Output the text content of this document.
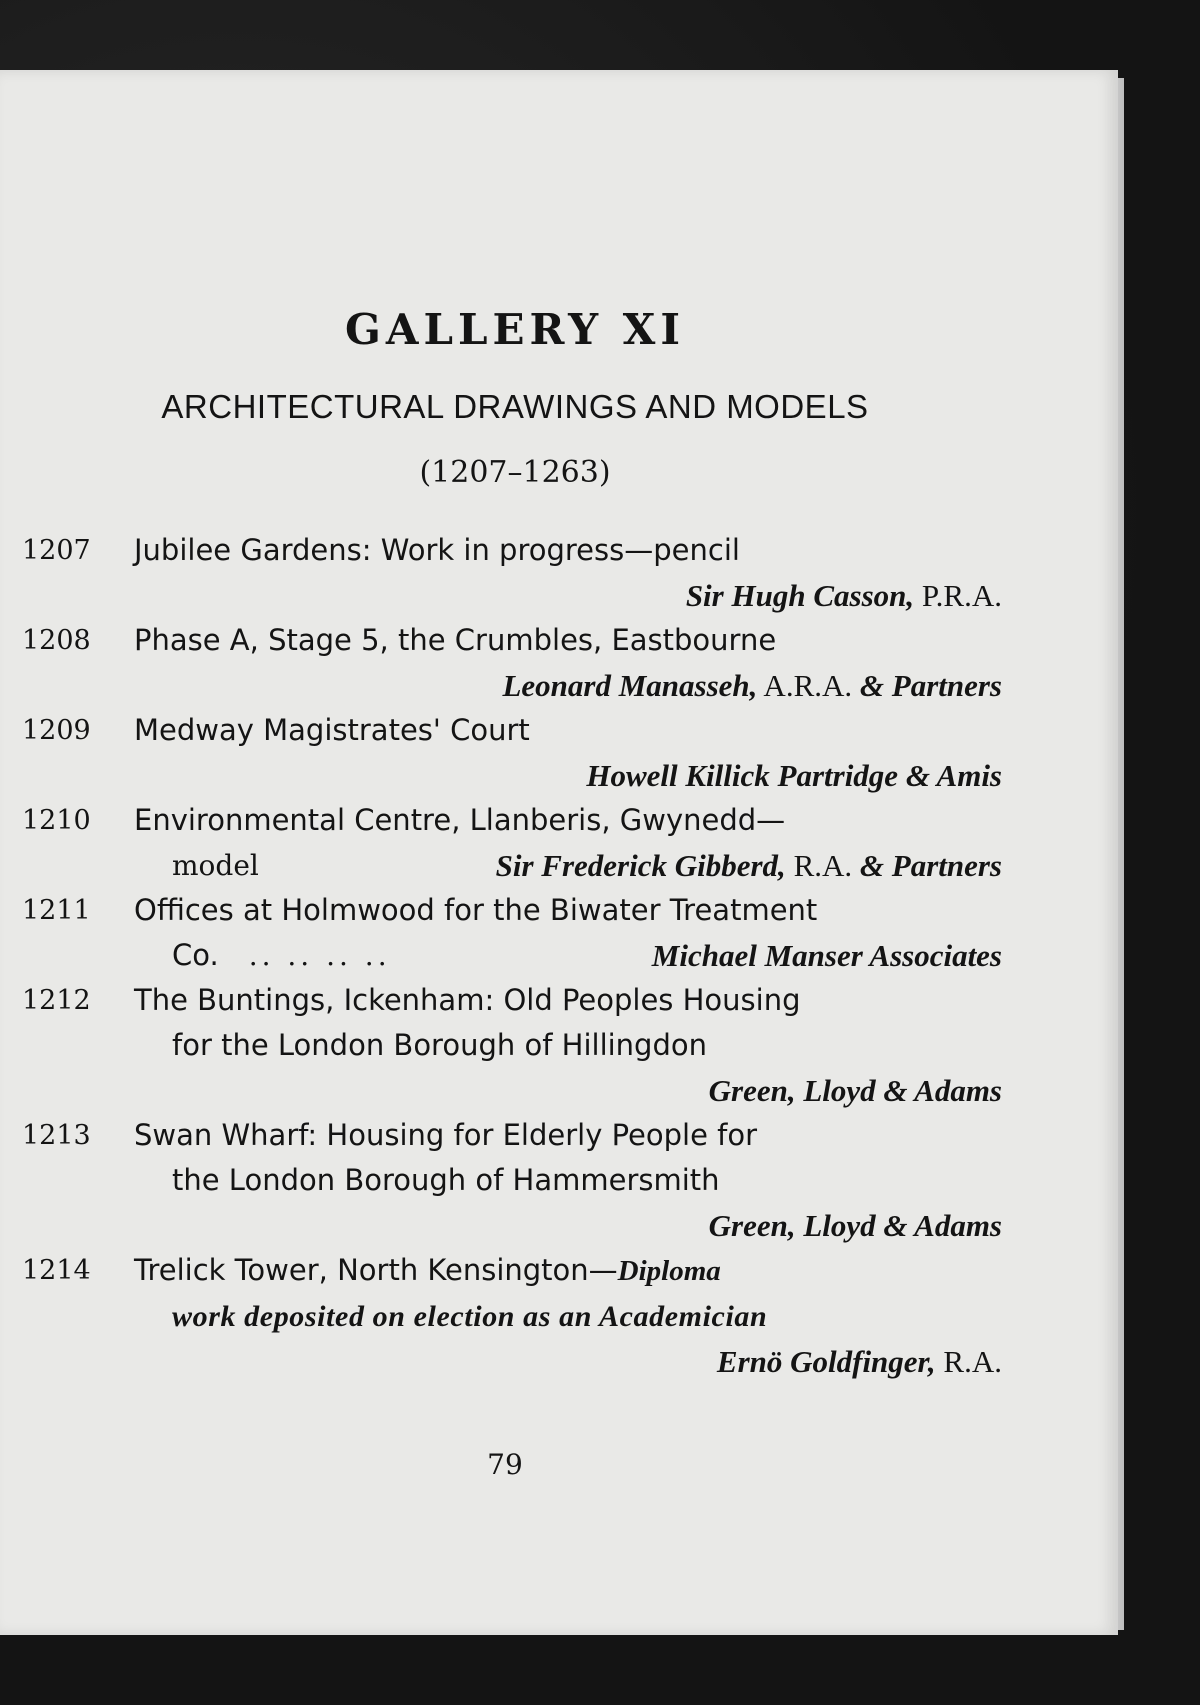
GALLERY XI
ARCHITECTURAL DRAWINGS AND MODELS
(1207–1263)
1207	Jubilee Gardens: Work in progress—pencil
Sir Hugh Casson, P.R.A.
1208	Phase A, Stage 5, the Crumbles, Eastbourne
Leonard Manasseh, A.R.A. & Partners
1209	Medway Magistrates' Court
Howell Killick Partridge & Amis
1210	Environmental Centre, Llanberis, Gwynedd—
model	Sir Frederick Gibberd, R.A. & Partners
1211	Offices at Holmwood for the Biwater Treatment
Co. .. .. .. ..	Michael Manser Associates
1212	The Buntings, Ickenham: Old Peoples Housing
for the London Borough of Hillingdon
Green, Lloyd & Adams
1213	Swan Wharf: Housing for Elderly People for
the London Borough of Hammersmith
Green, Lloyd & Adams
1214	Trelick Tower, North Kensington—Diploma
work deposited on election as an Academician
Ernö Goldfinger, R.A.
79
